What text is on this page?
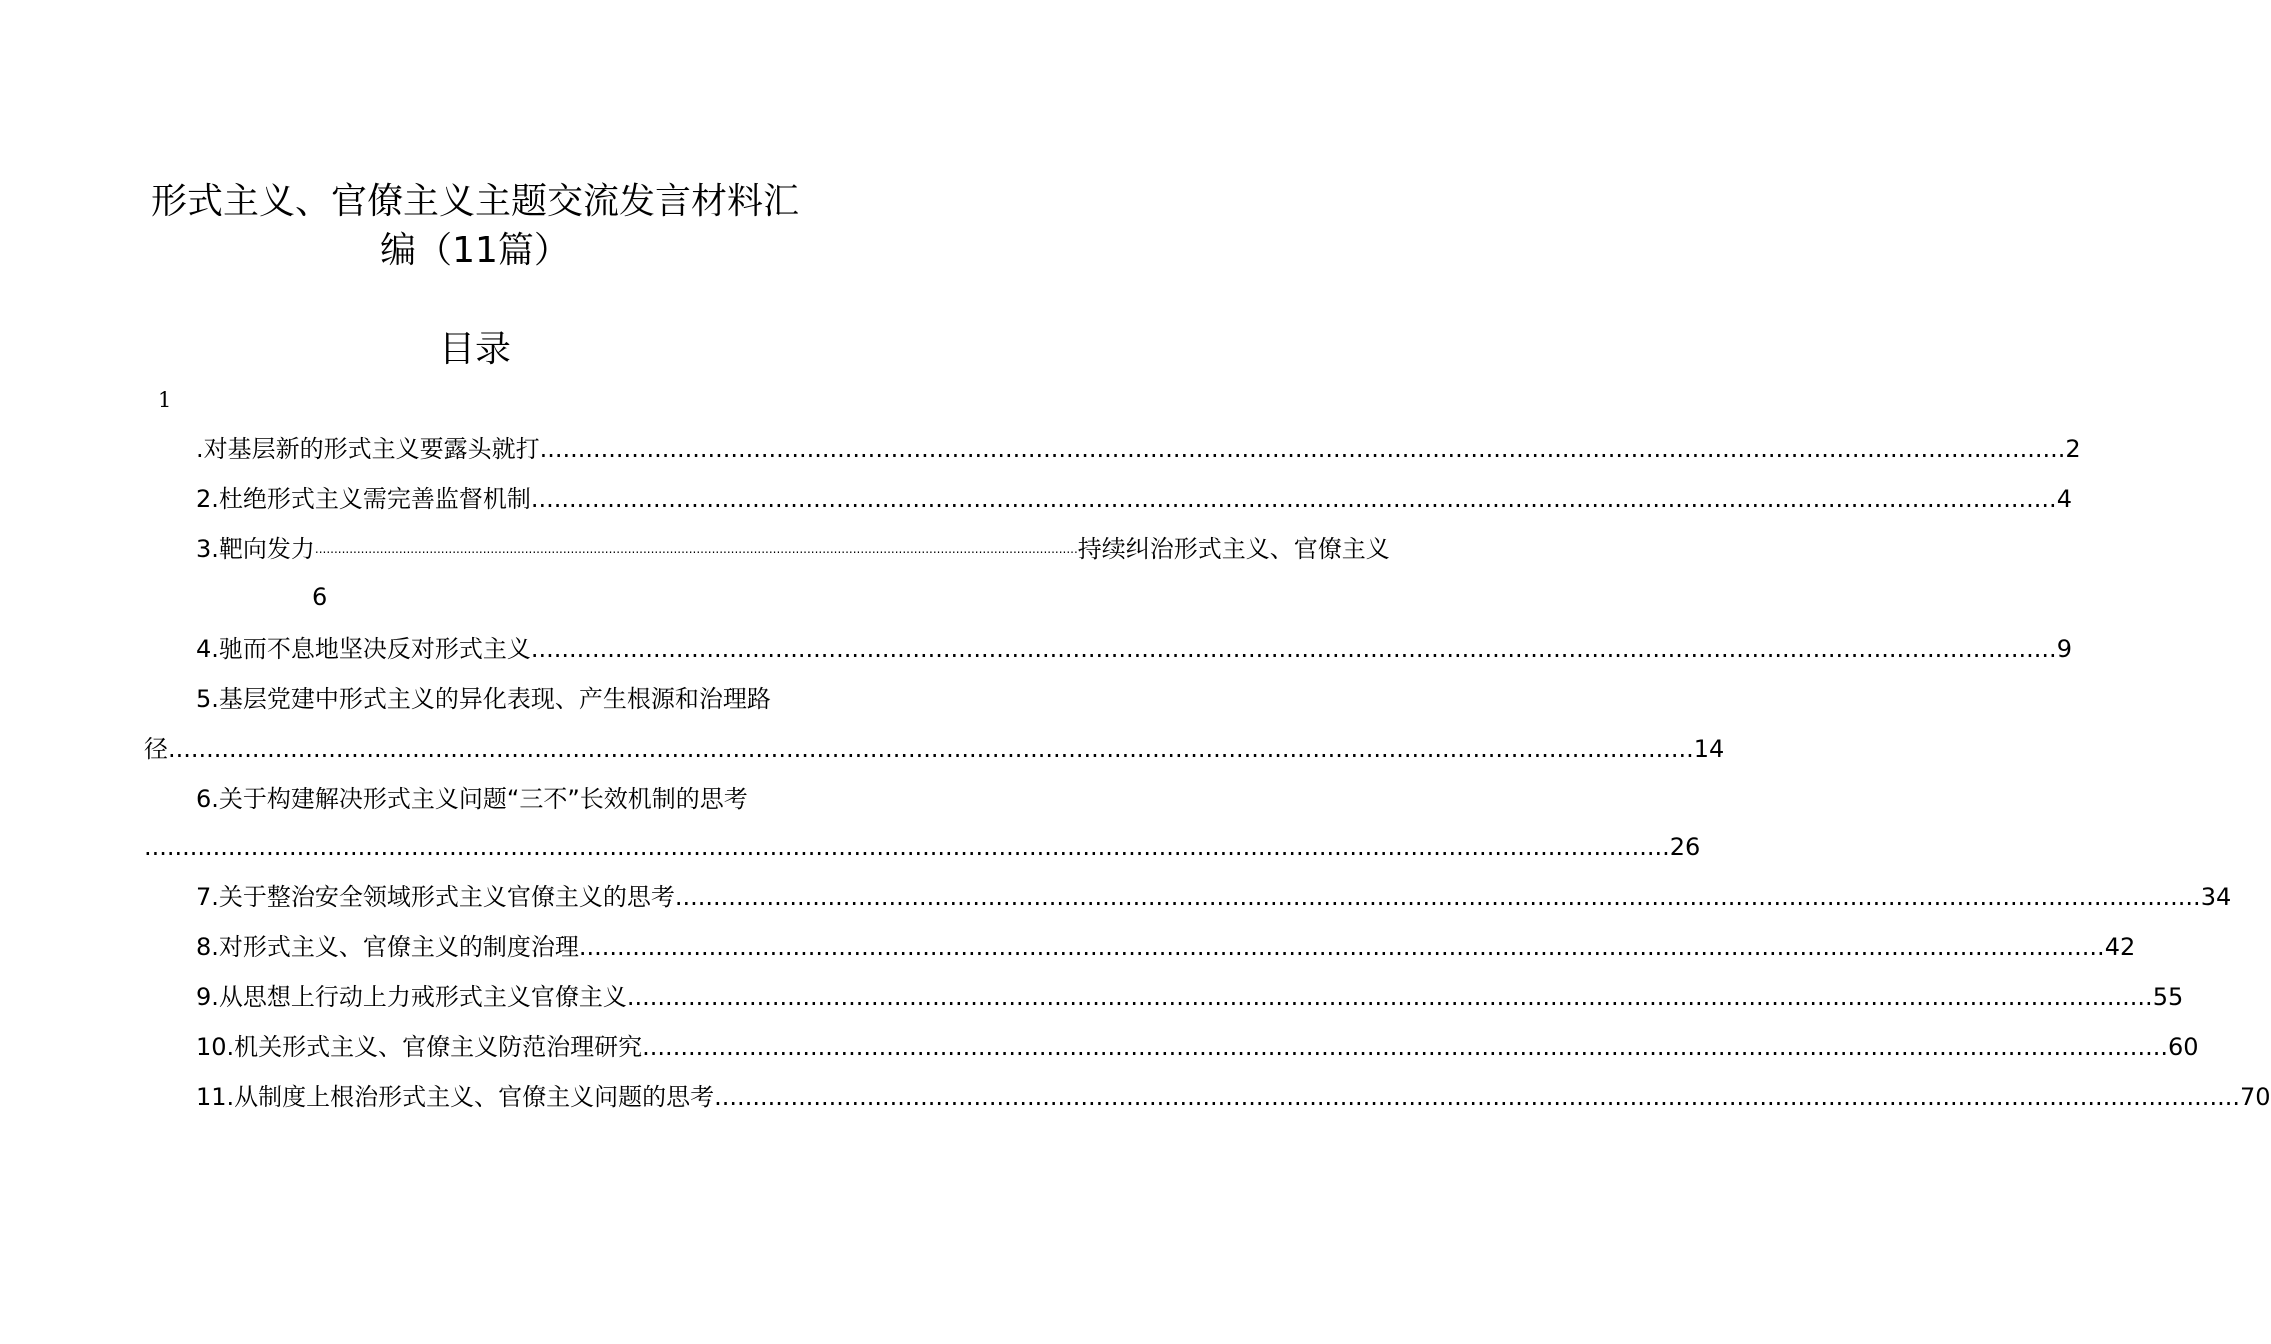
形式主义、官僚主义主题交流发言材料汇
编（11篇）
目录
1
.对基层新的形式主义要露头就打 ........................................................................................................................................................................................................ 2
2.杜绝形式主义需完善监督机制 ........................................................................................................................................................................................................ 4
3.靶向发力 ........................................................................................................................................................................................................ 持续纠治形式主义、官僚主义
6
4.驰而不息地坚决反对形式主义 ........................................................................................................................................................................................................ 9
5.基层党建中形式主义的异化表现、产生根源和治理路
径 ........................................................................................................................................................................................................ 14
6.关于构建解决形式主义问题“三不”长效机制的思考
........................................................................................................................................................................................................ 26
7.关于整治安全领域形式主义官僚主义的思考 ........................................................................................................................................................................................................ 34
8.对形式主义、官僚主义的制度治理 ........................................................................................................................................................................................................ 42
9.从思想上行动上力戒形式主义官僚主义 ........................................................................................................................................................................................................ 55
10.机关形式主义、官僚主义防范治理研究 ........................................................................................................................................................................................................ 60
11.从制度上根治形式主义、官僚主义问题的思考 ........................................................................................................................................................................................................ 70
